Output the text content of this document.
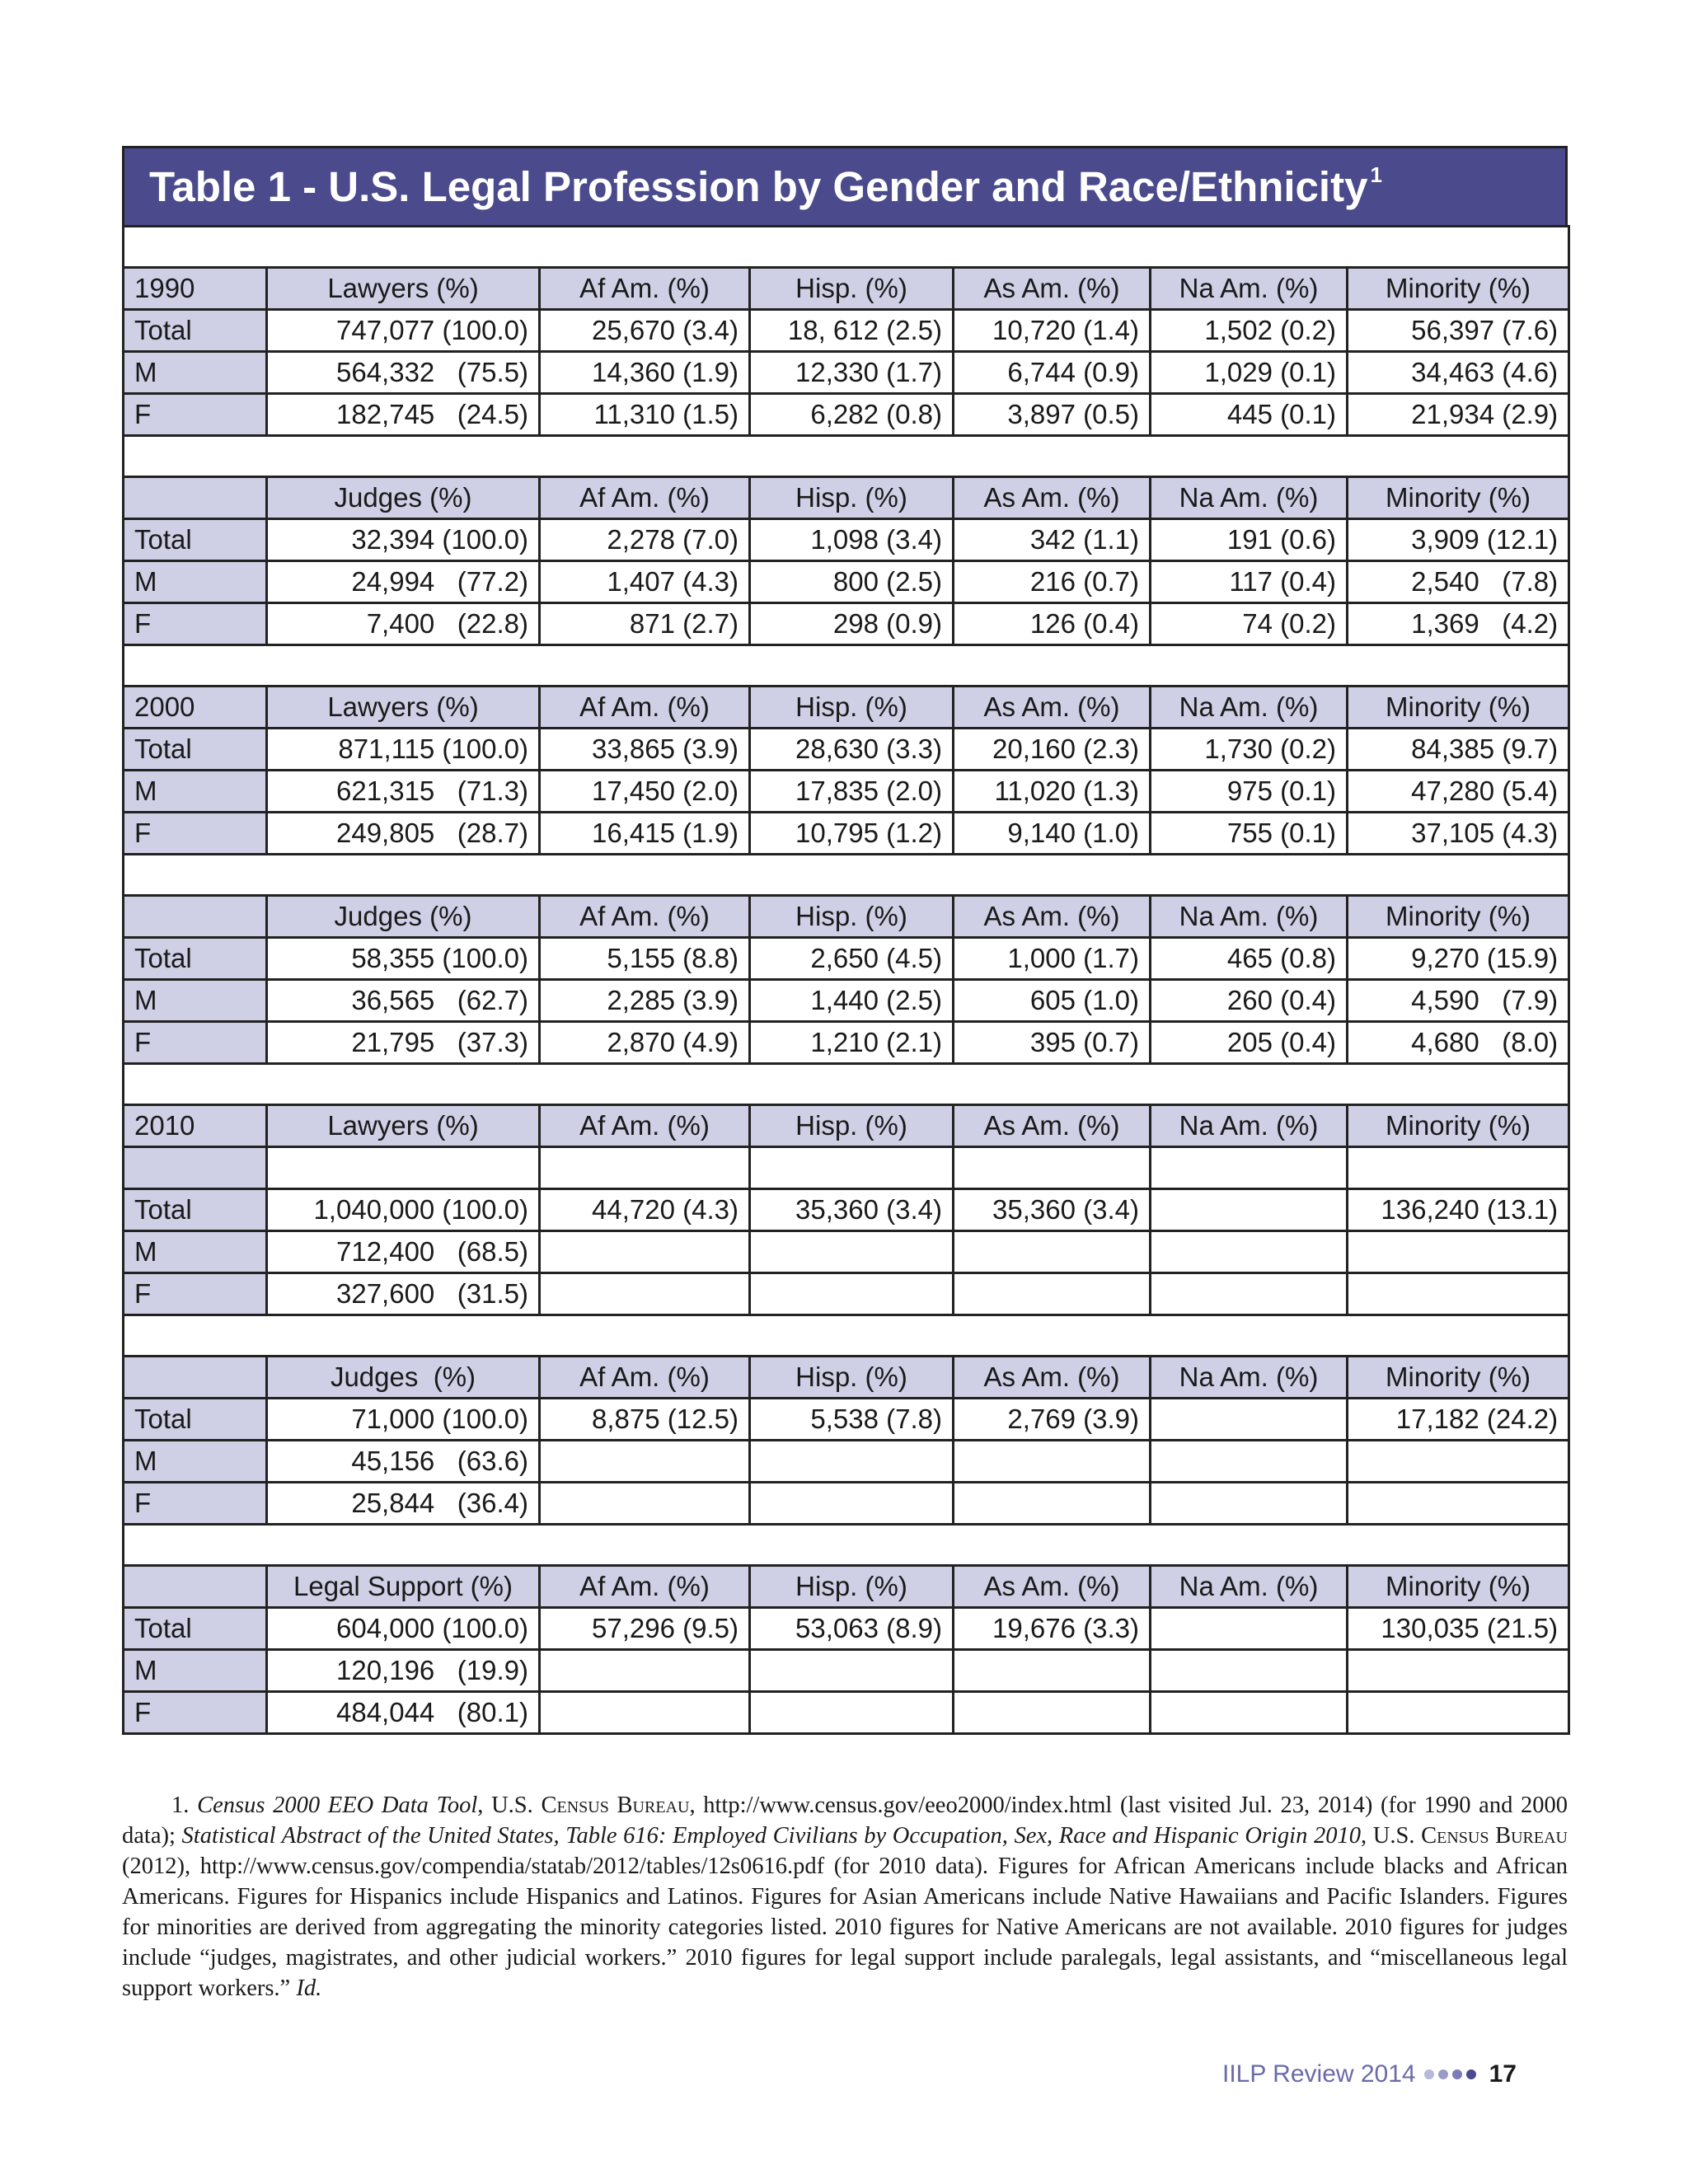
Table 1 - U.S. Legal Profession by Gender and Race/Ethnicity$^1$

1990	Lawyers (%)	Af Am. (%)	Hisp. (%)	As Am. (%)	Na Am. (%)	Minority (%)
Total	747,077 (100.0)	25,670 (3.4)	18, 612 (2.5)	10,720 (1.4)	1,502 (0.2)	56,397 (7.6)
M	564,332   (75.5)	14,360 (1.9)	12,330 (1.7)	6,744 (0.9)	1,029 (0.1)	34,463 (4.6)
F	182,745   (24.5)	11,310 (1.5)	6,282 (0.8)	3,897 (0.5)	445 (0.1)	21,934 (2.9)

	Judges (%)	Af Am. (%)	Hisp. (%)	As Am. (%)	Na Am. (%)	Minority (%)
Total	32,394 (100.0)	2,278 (7.0)	1,098 (3.4)	342 (1.1)	191 (0.6)	3,909 (12.1)
M	24,994   (77.2)	1,407 (4.3)	800 (2.5)	216 (0.7)	117 (0.4)	2,540   (7.8)
F	7,400   (22.8)	871 (2.7)	298 (0.9)	126 (0.4)	74 (0.2)	1,369   (4.2)

2000	Lawyers (%)	Af Am. (%)	Hisp. (%)	As Am. (%)	Na Am. (%)	Minority (%)
Total	871,115 (100.0)	33,865 (3.9)	28,630 (3.3)	20,160 (2.3)	1,730 (0.2)	84,385 (9.7)
M	621,315   (71.3)	17,450 (2.0)	17,835 (2.0)	11,020 (1.3)	975 (0.1)	47,280 (5.4)
F	249,805   (28.7)	16,415 (1.9)	10,795 (1.2)	9,140 (1.0)	755 (0.1)	37,105 (4.3)

	Judges (%)	Af Am. (%)	Hisp. (%)	As Am. (%)	Na Am. (%)	Minority (%)
Total	58,355 (100.0)	5,155 (8.8)	2,650 (4.5)	1,000 (1.7)	465 (0.8)	9,270 (15.9)
M	36,565   (62.7)	2,285 (3.9)	1,440 (2.5)	605 (1.0)	260 (0.4)	4,590   (7.9)
F	21,795   (37.3)	2,870 (4.9)	1,210 (2.1)	395 (0.7)	205 (0.4)	4,680   (8.0)

2010	Lawyers (%)	Af Am. (%)	Hisp. (%)	As Am. (%)	Na Am. (%)	Minority (%)

Total	1,040,000 (100.0)	44,720 (4.3)	35,360 (3.4)	35,360 (3.4)		136,240 (13.1)
M	712,400   (68.5)					
F	327,600   (31.5)					

	Judges  (%)	Af Am. (%)	Hisp. (%)	As Am. (%)	Na Am. (%)	Minority (%)
Total	71,000 (100.0)	8,875 (12.5)	5,538 (7.8)	2,769 (3.9)		17,182 (24.2)
M	45,156   (63.6)					
F	25,844   (36.4)					

	Legal Support (%)	Af Am. (%)	Hisp. (%)	As Am. (%)	Na Am. (%)	Minority (%)
Total	604,000 (100.0)	57,296 (9.5)	53,063 (8.9)	19,676 (3.3)		130,035 (21.5)
M	120,196   (19.9)					
F	484,044   (80.1)					
1. Census 2000 EEO Data Tool, U.S. Census Bureau, http://www.census.gov/eeo2000/index.html (last visited Jul. 23, 2014) (for 1990 and 2000 data); Statistical Abstract of the United States, Table 616: Employed Civilians by Occupation, Sex, Race and Hispanic Origin 2010, U.S. Census Bureau (2012), http://www.census.gov/compendia/statab/2012/tables/12s0616.pdf (for 2010 data). Figures for African Americans include blacks and African Americans. Figures for Hispanics include Hispanics and Latinos. Figures for Asian Americans include Native Hawaiians and Pacific Islanders. Figures for minorities are derived from aggregating the minority categories listed. 2010 figures for Native Americans are not available. 2010 figures for judges include “judges, magistrates, and other judicial workers.” 2010 figures for legal support include paralegals, legal assistants, and “miscellaneous legal support workers.” Id.
IILP Review 2014	17
